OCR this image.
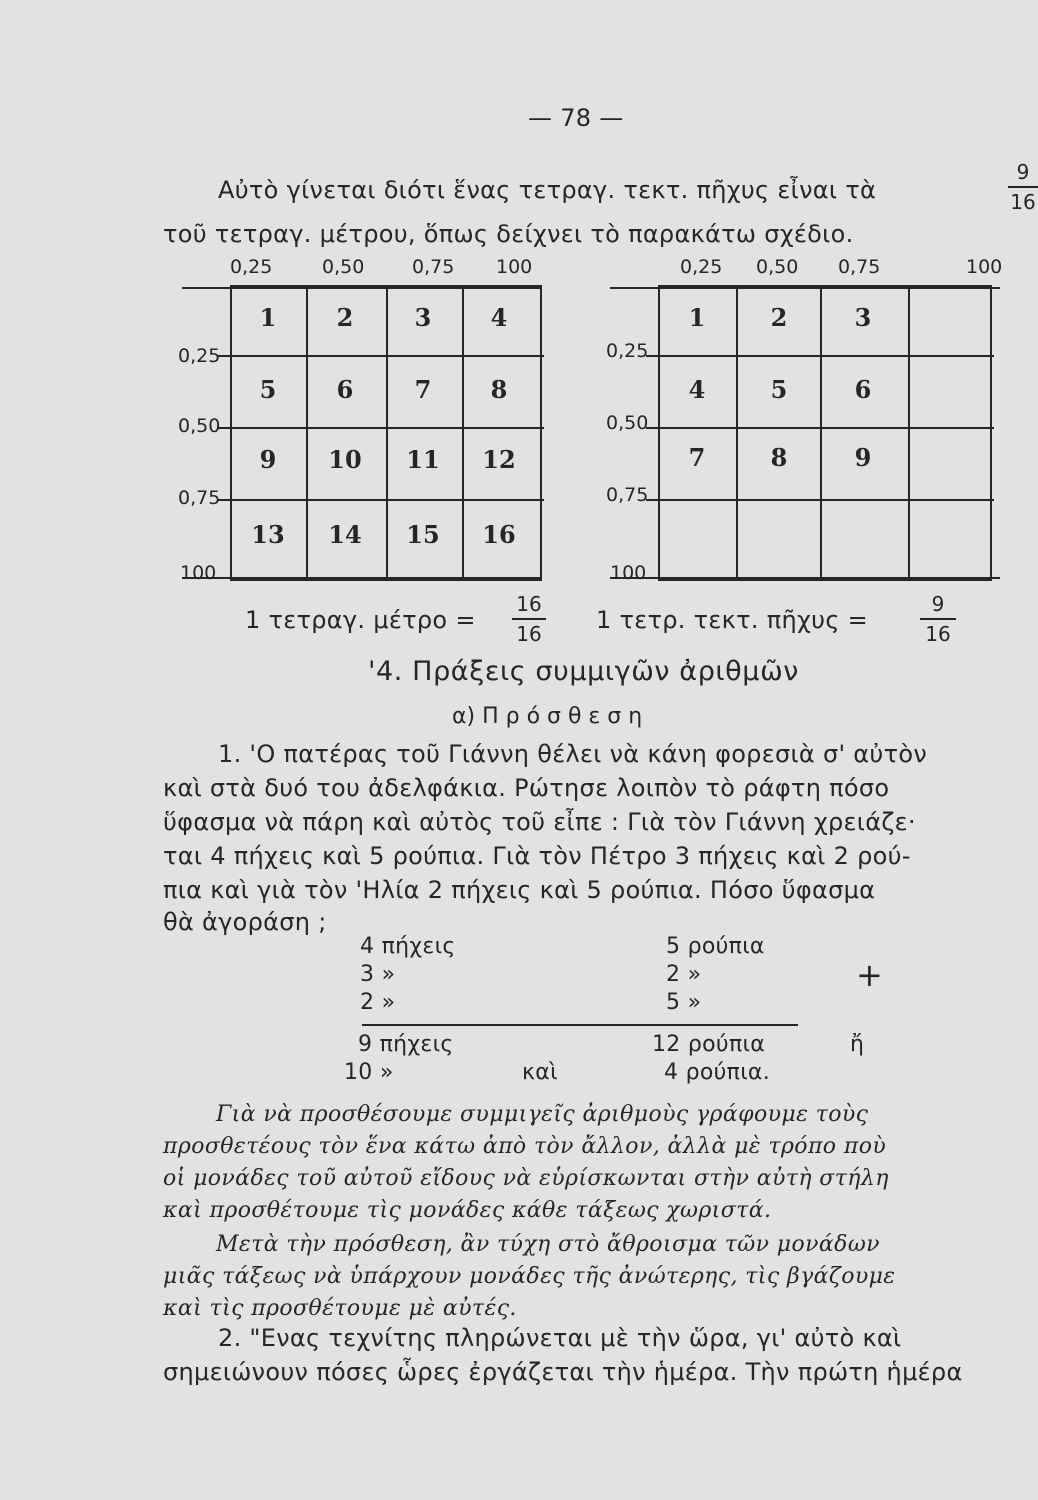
— 78 —
Αὐτὸ γίνεται διότι ἕνας τετραγ. τεκτ. πῆχυς εἶναι τὰ
9
16
τοῦ τετραγ. μέτρου, ὅπως δείχνει τὸ παρακάτω σχέδιο.
0,25	0,50	0,75 100
0,25
0,50
0,75
100
1	2	3	4
5	6	7	8
9	10	11	12
13	14	15	16
1 τετραγ. μέτρο =
16
16
0,25 0,50 0,75	100
0,25
0,50
0,75
100
1	2	3
4	5	6
7	8	9
1 τετρ. τεκτ. πῆχυς =
9
16
'4. Πράξεις συμμιγῶν ἀριθμῶν
α) Π ρ ό σ θ ε σ η
1. 'Ο πατέρας τοῦ Γιάννη θέλει νὰ κάνη φορεσιὰ σ' αὐτὸν
καὶ στὰ δυό του ἀδελφάκια. Ρώτησε λοιπὸν τὸ ράφτη πόσο
ὕφασμα νὰ πάρη καὶ αὐτὸς τοῦ εἶπε : Γιὰ τὸν Γιάννη χρειάζε·
ται 4 πήχεις καὶ 5 ρούπια. Γιὰ τὸν Πέτρο 3 πήχεις καὶ 2 ρού-
πια καὶ γιὰ τὸν 'Ηλία 2 πήχεις καὶ 5 ρούπια. Πόσο ὕφασμα
θὰ ἀγοράση ;
4 πήχεις	5 ρούπια
3 »	2 »	+
2 »	5 »
9 πήχεις	12 ρούπια	ἤ
10 »	καὶ	4 ρούπια.
Γιὰ νὰ προσθέσουμε συμμιγεῖς ἀριθμοὺς γράφουμε τοὺς
προσθετέους τὸν ἕνα κάτω ἀπὸ τὸν ἄλλον, ἀλλὰ μὲ τρόπο ποὺ
οἱ μονάδες τοῦ αὐτοῦ εἴδους νὰ εὑρίσκωνται στὴν αὐτὴ στήλη
καὶ προσθέτουμε τὶς μονάδες κάθε τάξεως χωριστά.
Μετὰ τὴν πρόσθεση, ἂν τύχη στὸ ἄθροισμα τῶν μονάδων
μιᾶς τάξεως νὰ ὑπάρχουν μονάδες τῆς ἀνώτερης, τὶς βγάζουμε
καὶ τὶς προσθέτουμε μὲ αὐτές.
2. "Ενας τεχνίτης πληρώνεται μὲ τὴν ὥρα, γι' αὐτὸ καὶ
σημειώνουν πόσες ὧρες ἐργάζεται τὴν ἡμέρα. Τὴν πρώτη ἡμέρα
